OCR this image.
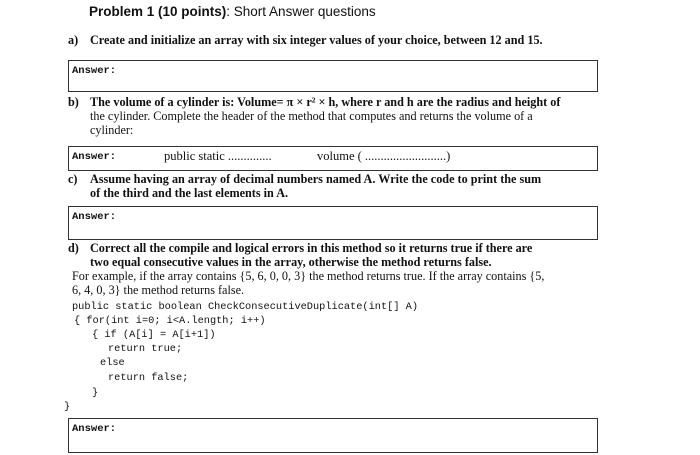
Problem 1 (10 points): Short Answer questions
a) Create and initialize an array with six integer values of your choice, between 12 and 15.
Answer:
b) The volume of a cylinder is: Volume= π × r² × h, where r and h are the radius and height of
the cylinder. Complete the header of the method that computes and returns the volume of a
cylinder:
Answer:	public static ..............	volume ( ..........................)
c) Assume having an array of decimal numbers named A. Write the code to print the sum
of the third and the last elements in A.
Answer:
d) Correct all the compile and logical errors in this method so it returns true if there are
two equal consecutive values in the array, otherwise the method returns false.
For example, if the array contains {5, 6, 0, 0, 3} the method returns true. If the array contains {5,
6, 4, 0, 3} the method returns false.
public static boolean CheckConsecutiveDuplicate(int[] A)
{ for(int i=0; i<A.length; i++)
{ if (A[i] = A[i+1])
return true;
else
return false;
}
}
Answer:
